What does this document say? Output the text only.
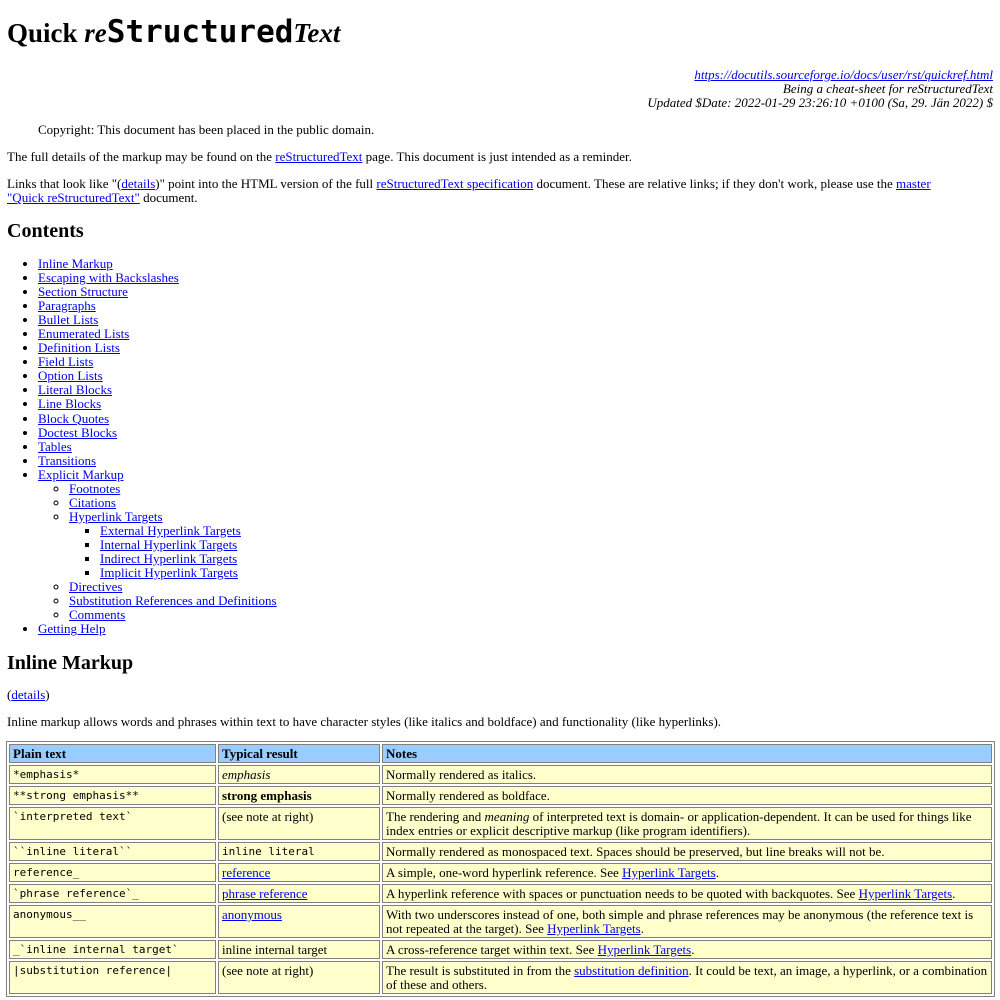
Quick reStructuredText
https://docutils.sourceforge.io/docs/user/rst/quickref.html
Being a cheat-sheet for reStructuredText
Updated $Date: 2022-01-29 23:26:10 +0100 (Sa, 29. Jän 2022) $

Copyright: This document has been placed in the public domain.

The full details of the markup may be found on the reStructuredText page. This document is just intended as a reminder.

Links that look like "(details)" point into the HTML version of the full reStructuredText specification document. These are relative links; if they don't work, please use the master "Quick reStructuredText" document.

Contents
• Inline Markup
• Escaping with Backslashes
• Section Structure
• Paragraphs
• Bullet Lists
• Enumerated Lists
• Definition Lists
• Field Lists
• Option Lists
• Literal Blocks
• Line Blocks
• Block Quotes
• Doctest Blocks
• Tables
• Transitions
• Explicit Markup
◦ Footnotes
◦ Citations
◦ Hyperlink Targets
▪ External Hyperlink Targets
▪ Internal Hyperlink Targets
▪ Indirect Hyperlink Targets
▪ Implicit Hyperlink Targets
◦ Directives
◦ Substitution References and Definitions
◦ Comments
• Getting Help
Inline Markup

(details)

Inline markup allows words and phrases within text to have character styles (like italics and boldface) and functionality (like hyperlinks).

Plain text	Typical result	Notes
*emphasis*	emphasis	Normally rendered as italics.
**strong emphasis**	strong emphasis	Normally rendered as boldface.
`interpreted text`	(see note at right)	The rendering and meaning of interpreted text is domain- or application-dependent. It can be used for things like index entries or explicit descriptive markup (like program identifiers).
``inline literal``	inline literal	Normally rendered as monospaced text. Spaces should be preserved, but line breaks will not be.
reference_	reference	A simple, one-word hyperlink reference. See Hyperlink Targets.
`phrase reference`_	phrase reference	A hyperlink reference with spaces or punctuation needs to be quoted with backquotes. See Hyperlink Targets.
anonymous__	anonymous	With two underscores instead of one, both simple and phrase references may be anonymous (the reference text is not repeated at the target). See Hyperlink Targets.
_`inline internal target`	inline internal target	A cross-reference target within text. See Hyperlink Targets.
|substitution reference|	(see note at right)	The result is substituted in from the substitution definition. It could be text, an image, a hyperlink, or a combination of these and others.
